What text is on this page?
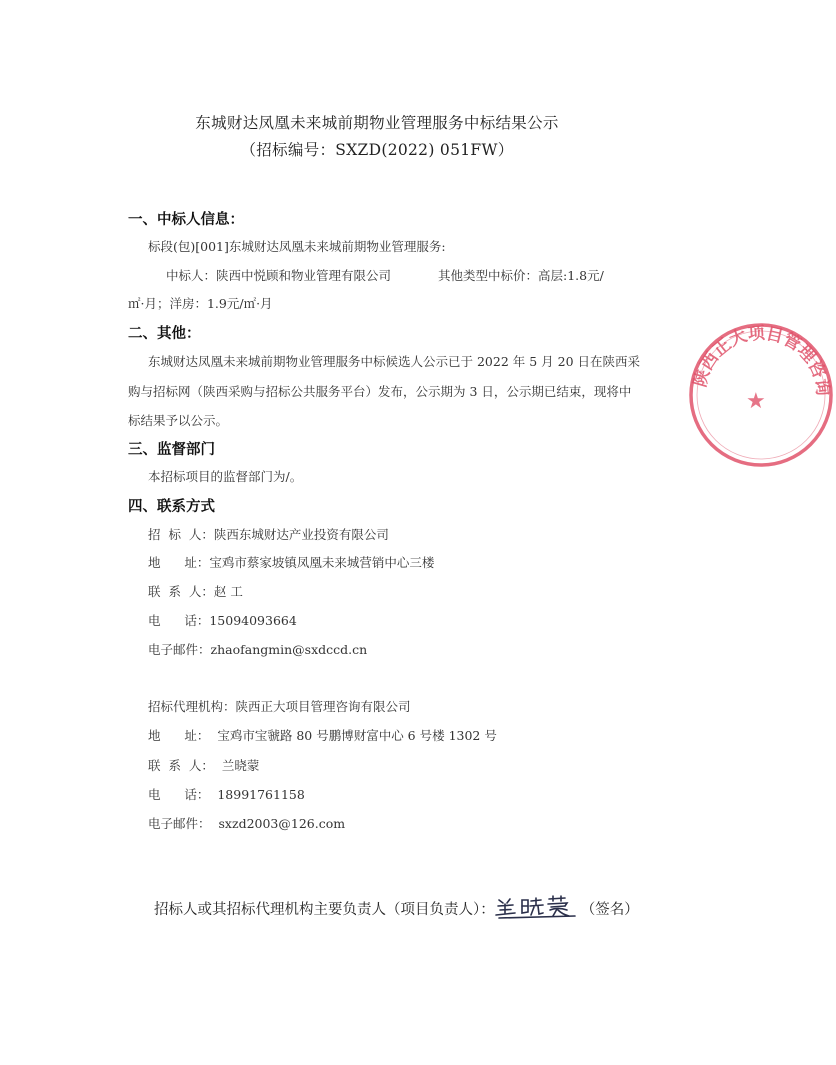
东城财达凤凰未来城前期物业管理服务中标结果公示
（招标编号：SXZD(2022) 051FW）
一、中标人信息：
标段(包)[001]东城财达凤凰未来城前期物业管理服务:
中标人：陕西中悦顾和物业管理有限公司	其他类型中标价：高层:1.8元/
㎡·月；洋房：1.9元/㎡·月
二、其他：
东城财达凤凰未来城前期物业管理服务中标候选人公示已于 2022 年 5 月 20 日在陕西采
购与招标网（陕西采购与招标公共服务平台）发布，公示期为 3 日，公示期已结束，现将中
标结果予以公示。
三、监督部门
本招标项目的监督部门为/。
四、联系方式
招  标  人：陕西东城财达产业投资有限公司
地      址：宝鸡市蔡家坡镇凤凰未来城营销中心三楼
联  系  人：赵 工
电      话：15094093664
电子邮件：zhaofangmin@sxdccd.cn
招标代理机构：陕西正大项目管理咨询有限公司
地      址： 宝鸡市宝虢路 80 号鹏博财富中心 6 号楼 1302 号
联  系  人： 兰晓蒙
电      话： 18991761158
电子邮件： sxzd2003@126.com
招标人或其招标代理机构主要负责人（项目负责人）：	（签名）
陕西正大项目管理咨询
★
